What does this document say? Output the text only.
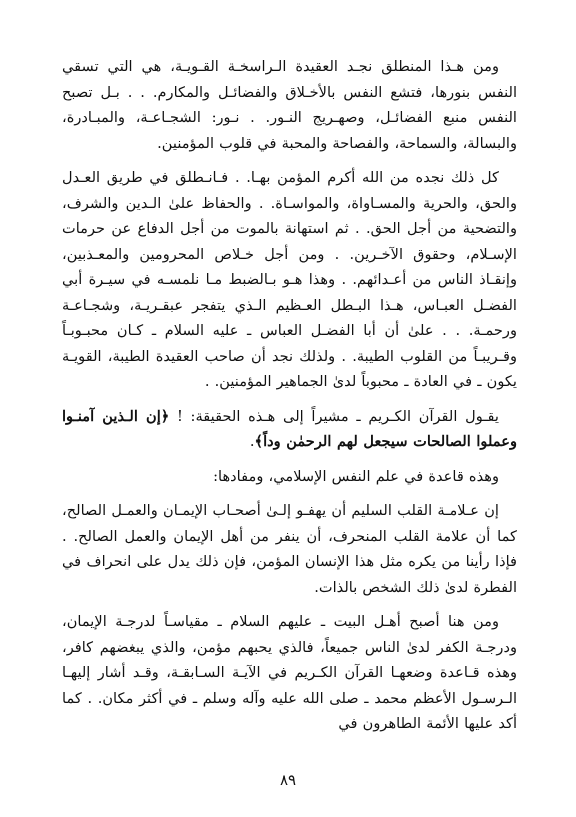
ومن هـذا المنطلق نجـد العقيدة الـراسخـة القـويـة، هي التي تسقي النفس بنورها، فتشع النفس بالأخـلاق والفضائـل والمكارم. . . بـل تصبح النفس منبع الفضائـل، وصهـريج النـور. . نـور: الشجـاعـة، والمبـادرة، والبسالة، والسماحة، والفصاحة والمحبة في قلوب المؤمنين.

كل ذلك نجده من الله أكرم المؤمن بهـا. . فـانـطلق في طريق العـدل والحق، والحرية والمسـاواة، والمواسـاة. . والحفاظ علىٰ الـدين والشرف، والتضحية من أجل الحق. . ثم استهانة بالموت من أجل الدفاع عن حرمات الإسـلام، وحقوق الآخـرين. . ومن أجل خـلاص المحرومين والمعـذبين، وإنقـاذ الناس من أعـدائهم. . وهذا هـو بـالضبط مـا نلمسـه في سيـرة أبي الفضـل العبـاس، هـذا البـطل العـظيم الـذي يتفجر عبقـريـة، وشجـاعـة ورحمـة. . . علىٰ أن أبا الفضـل العباس ـ عليه السلام ـ كـان محبـوبـاً وقـريبـاً من القلوب الطيبة. . ولذلك نجد أن صاحب العقيدة الطيبة، القويـة يكون ـ في العادة ـ محبوباً لدىٰ الجماهير المؤمنين. .

يقـول القرآن الكـريم ـ مشيراً إلى هـذه الحقيقة: ! ﴿إن الـذين آمنـوا وعملوا الصالحات سيجعل لهم الرحمٰن وداً﴾.

وهذه قاعدة في علم النفس الإسلامي، ومفادها:

إن عـلامـة القلب السليم أن يهفـو إلـىٰ أصحـاب الإيمـان والعمـل الصالح، كما أن علامة القلب المنحرف، أن ينفر من أهل الإيمان والعمل الصالح. . فإذا رأينا من يكره مثل هذا الإنسان المؤمن، فإن ذلك يدل على انحراف في الفطرة لدىٰ ذلك الشخص بالذات.

ومن هنا أصبح أهـل البيت ـ عليهم السلام ـ مقياسـاً لدرجـة الإيمان، ودرجـة الكفر لدىٰ الناس جميعاً، فالذي يحبهم مؤمن، والذي يبغضهم كافر، وهذه قـاعدة وضعهـا القرآن الكـريم في الآيـة السـابقـة، وقـد أشار إليهـا الـرسـول الأعظم محمد ـ صلى الله عليه وآله وسلم ـ في أكثر مكان. . كما أكد عليها الأئمة الطاهرون في

٨٩
